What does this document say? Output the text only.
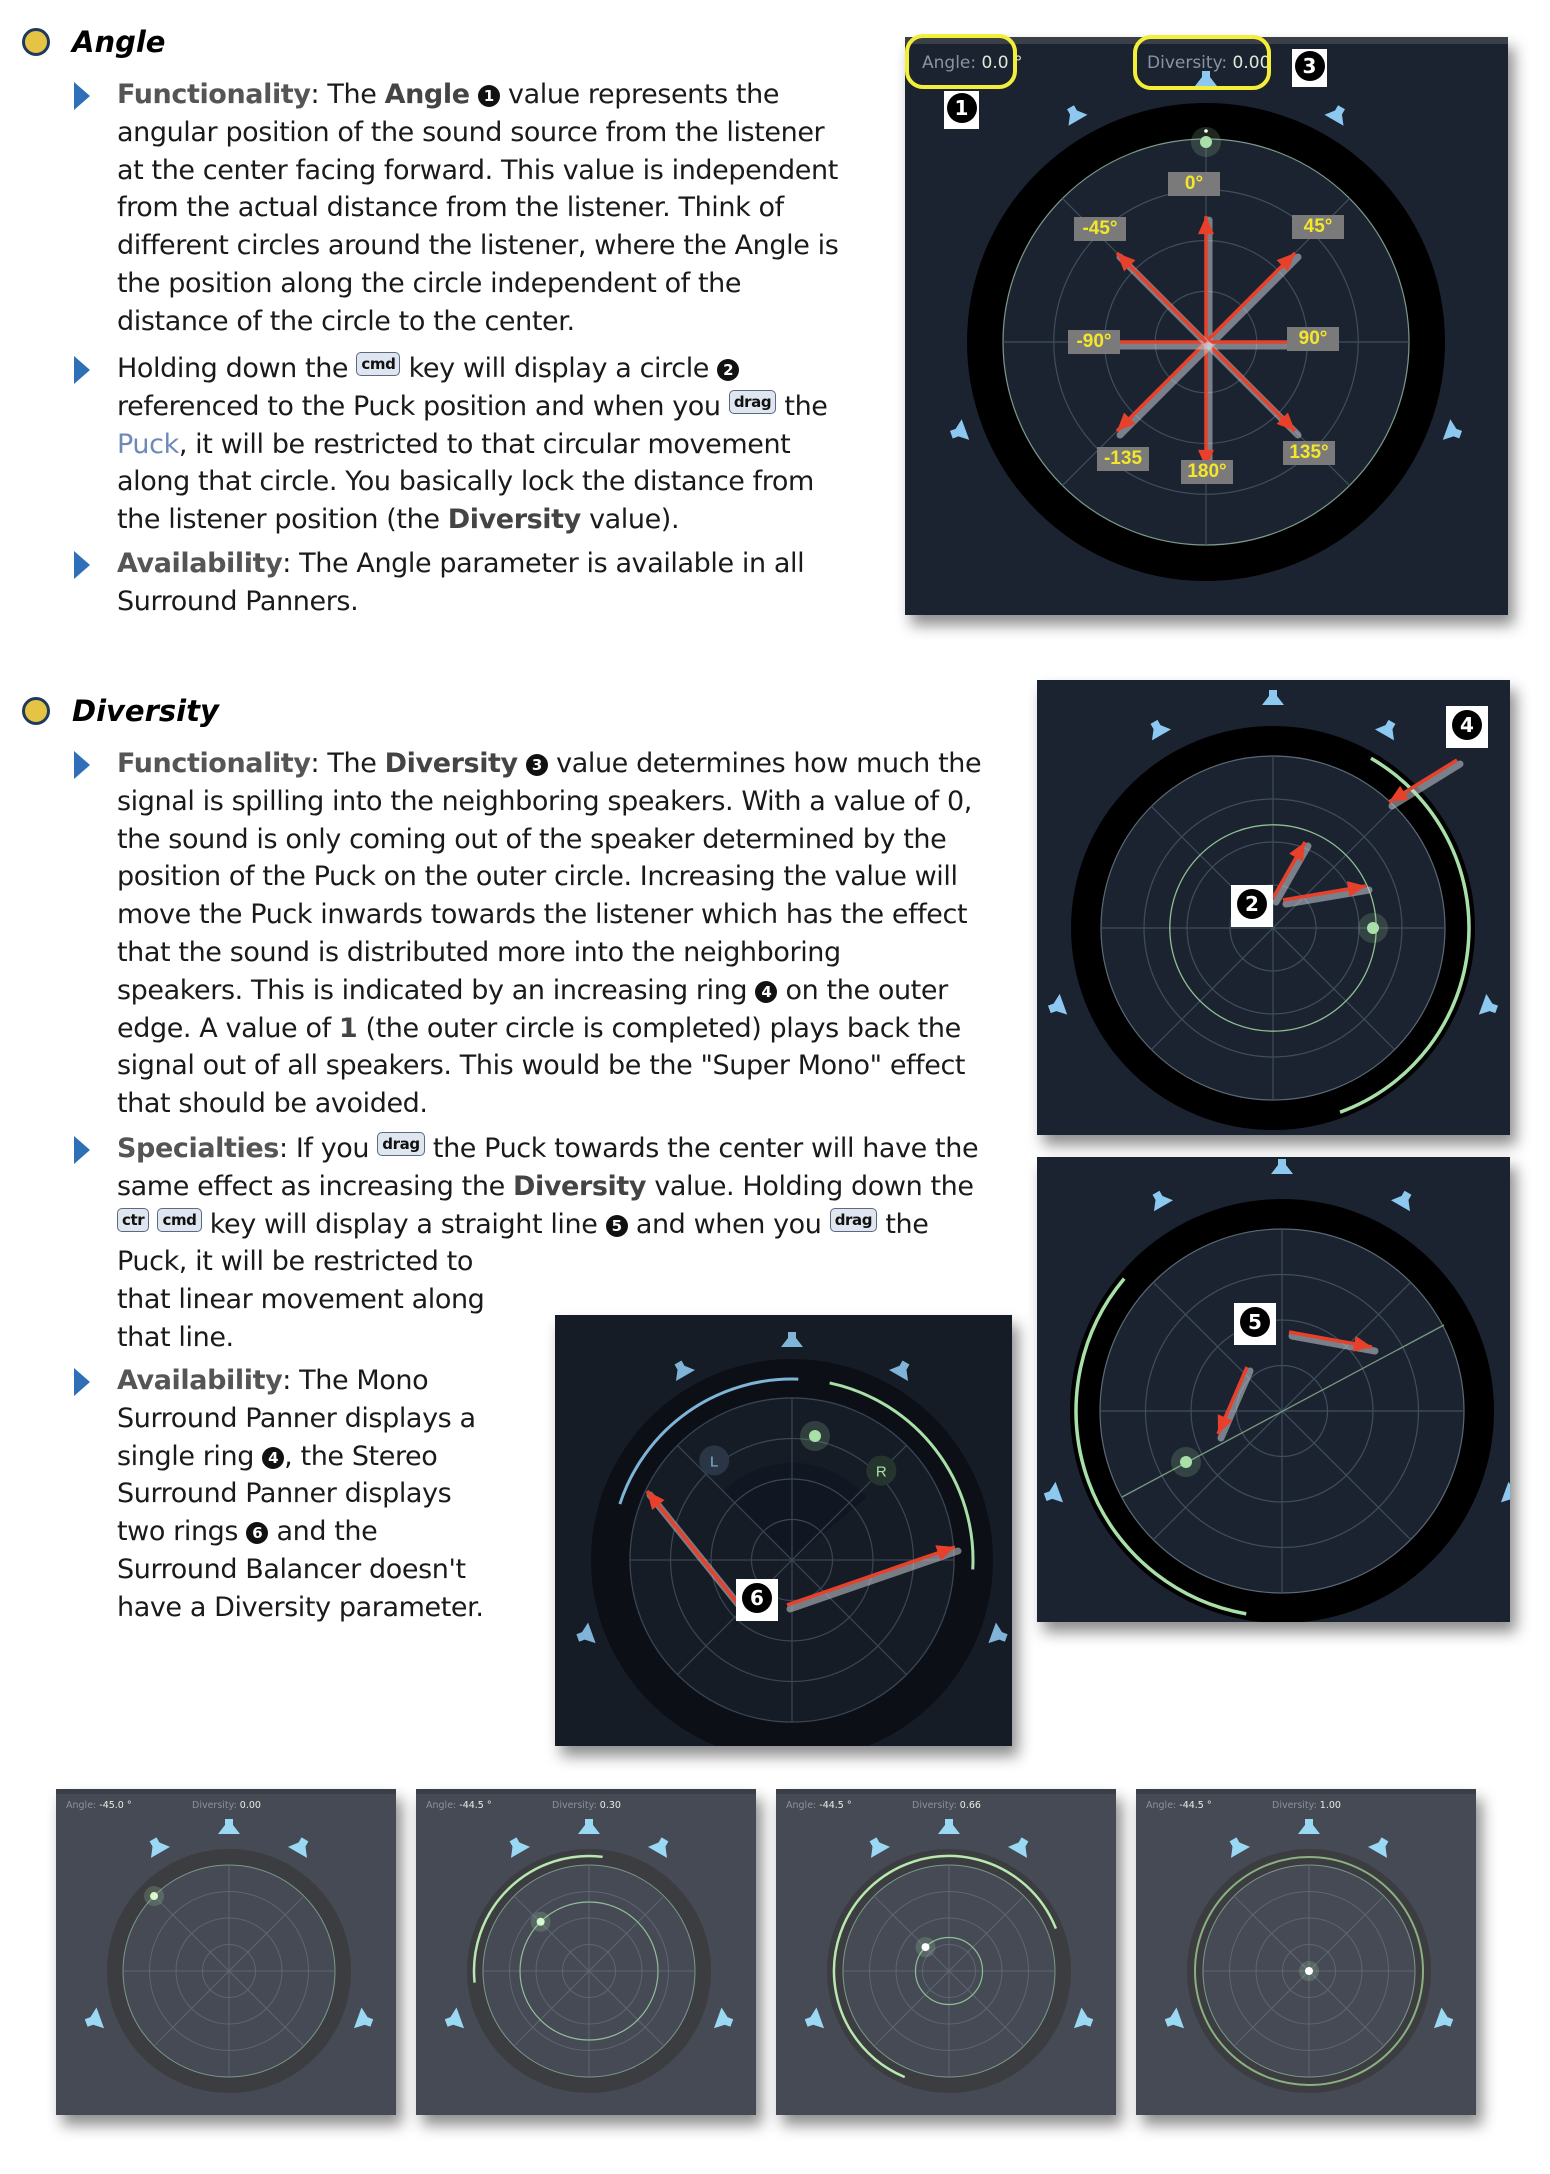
Angle
Functionality: The Angle 1 value represents the
angular position of the sound source from the listener
at the center facing forward. This value is independent
from the actual distance from the listener. Think of
different circles around the listener, where the Angle is
the position along the circle independent of the
distance of the circle to the center.
Holding down the cmd key will display a circle 2
referenced to the Puck position and when you drag the
Puck, it will be restricted to that circular movement
along that circle. You basically lock the distance from
the listener position (the Diversity value).
Availability: The Angle parameter is available in all
Surround Panners.
Diversity
Functionality: The Diversity 3 value determines how much the
signal is spilling into the neighboring speakers. With a value of 0,
the sound is only coming out of the speaker determined by the
position of the Puck on the outer circle. Increasing the value will
move the Puck inwards towards the listener which has the effect
that the sound is distributed more into the neighboring
speakers. This is indicated by an increasing ring 4 on the outer
edge. A value of 1 (the outer circle is completed) plays back the
signal out of all speakers. This would be the "Super Mono" effect
that should be avoided.
Specialties: If you drag the Puck towards the center will have the
same effect as increasing the Diversity value. Holding down the
ctr cmd key will display a straight line 5 and when you drag the
Puck, it will be restricted to
that linear movement along
that line.
Availability: The Mono
Surround Panner displays a
single ring 4 , the Stereo
Surround Panner displays
two rings 6 and the
Surround Balancer doesn't
have a Diversity parameter.
Angle: 0.0 °	Diversity: 0.00
1
3
0°
45°
90°
135°
180°
-135
-90°
-45°
4
2
5
L
R
6
Angle: -45.0 °	Diversity: 0.00	Angle: -44.5 °	Diversity: 0.30	Angle: -44.5 °	Diversity: 0.66	Angle: -44.5 °	Diversity: 1.00
